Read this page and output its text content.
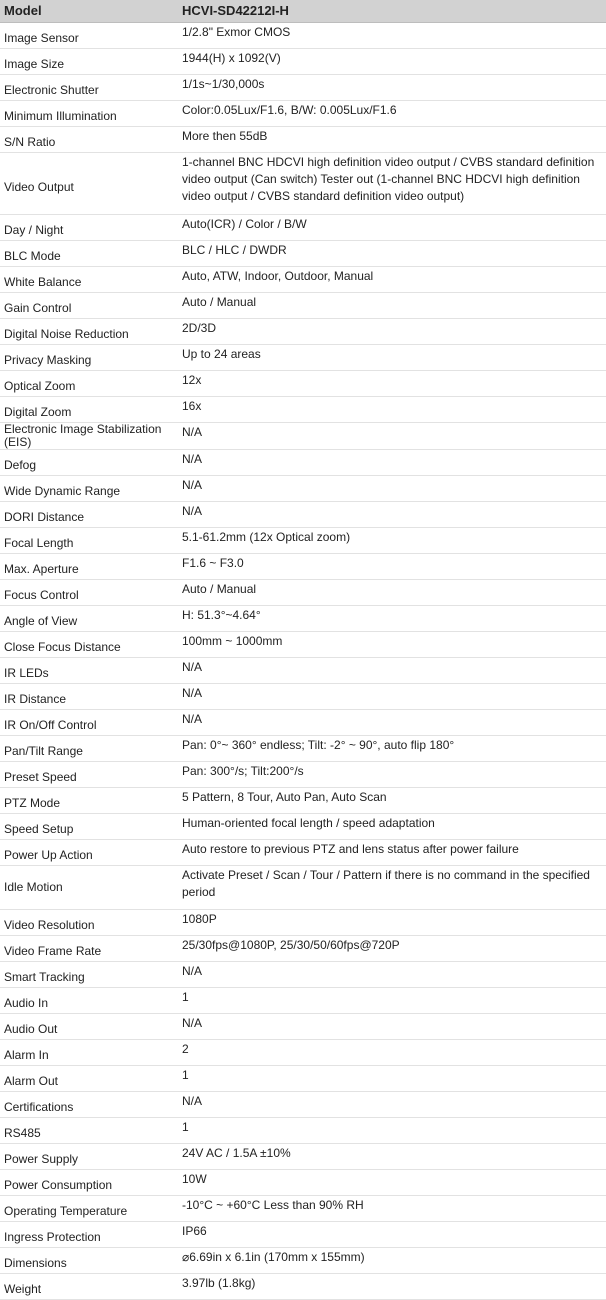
Model	HCVI-SD42212I-H
Image Sensor	1/2.8" Exmor CMOS
Image Size	1944(H) x 1092(V)
Electronic Shutter	1/1s~1/30,000s
Minimum Illumination	Color:0.05Lux/F1.6, B/W: 0.005Lux/F1.6
S/N Ratio	More then 55dB
Video Output	1-channel BNC HDCVI high definition video output / CVBS standard definition video output (Can switch) Tester out (1-channel BNC HDCVI high definition video output / CVBS standard definition video output)
Day / Night	Auto(ICR) / Color / B/W
BLC Mode	BLC / HLC / DWDR
White Balance	Auto, ATW, Indoor, Outdoor, Manual
Gain Control	Auto / Manual
Digital Noise Reduction	2D/3D
Privacy Masking	Up to 24 areas
Optical Zoom	12x
Digital Zoom	16x

Electronic Image Stabilization (EIS)	N/A
Defog	N/A
Wide Dynamic Range	N/A
DORI Distance	N/A
Focal Length	5.1-61.2mm (12x Optical zoom)
Max. Aperture	F1.6 ~ F3.0
Focus Control	Auto / Manual
Angle of View	H: 51.3°~4.64°
Close Focus Distance	100mm ~ 1000mm
IR LEDs	N/A
IR Distance	N/A
IR On/Off Control	N/A
Pan/Tilt Range	Pan: 0°~ 360° endless; Tilt: -2° ~ 90°, auto flip 180°
Preset Speed	Pan: 300°/s; Tilt:200°/s
PTZ Mode	5 Pattern, 8 Tour, Auto Pan, Auto Scan
Speed Setup	Human-oriented focal length / speed adaptation
Power Up Action	Auto restore to previous PTZ and lens status after power failure
Idle Motion	Activate Preset / Scan / Tour / Pattern if there is no command in the specified period
Video Resolution	1080P
Video Frame Rate	25/30fps@1080P, 25/30/50/60fps@720P
Smart Tracking	N/A
Audio In	1
Audio Out	N/A
Alarm In	2
Alarm Out	1
Certifications	N/A
RS485	1
Power Supply	24V AC / 1.5A ±10%
Power Consumption	10W
Operating Temperature	-10°C ~ +60°C Less than 90% RH
Ingress Protection	IP66
Dimensions	⌀6.69in x 6.1in (170mm x 155mm)
Weight	3.97lb (1.8kg)
